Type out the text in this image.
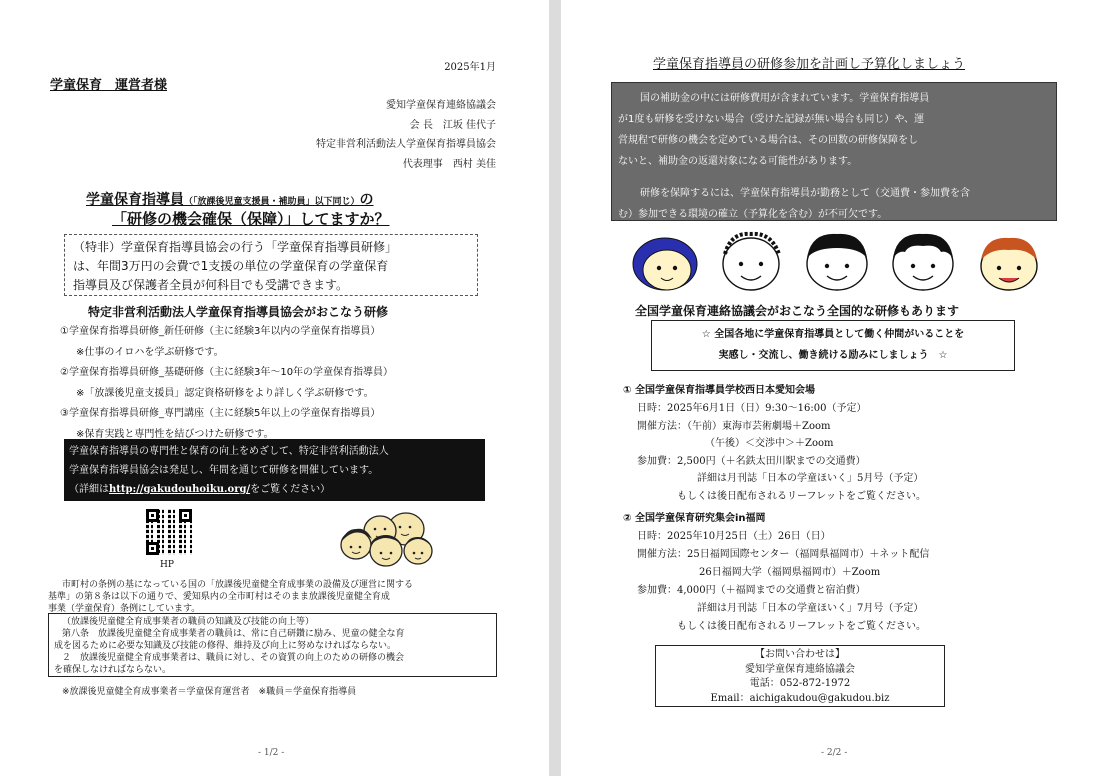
2025年1月
学童保育　運営者様
愛知学童保育連絡協議会
会 長　江坂 佳代子
特定非営利活動法人学童保育指導員協会
代表理事　西村 美佳
学童保育指導員（「放課後児童支援員・補助員」以下同じ）の
「研修の機会確保（保障）」してますか？
（特非）学童保育指導員協会の行う「学童保育指導員研修」
は、年間3万円の会費で1支援の単位の学童保育の学童保育
指導員及び保護者全員が何科目でも受講できます。
特定非営利活動法人学童保育指導員協会がおこなう研修
①学童保育指導員研修_新任研修（主に経験3年以内の学童保育指導員）
※仕事のイロハを学ぶ研修です。
②学童保育指導員研修_基礎研修（主に経験3年～10年の学童保育指導員）
※「放課後児童支援員」認定資格研修をより詳しく学ぶ研修です。
③学童保育指導員研修_専門講座（主に経験5年以上の学童保育指導員）
※保育実践と専門性を結びつけた研修です。
学童保育指導員の専門性と保育の向上をめざして、特定非営利活動法人
学童保育指導員協会は発足し、年間を通じて研修を開催しています。
（詳細はhttp://gakudouhoiku.org/をご覧ください）
HP
市町村の条例の基になっている国の「放課後児童健全育成事業の設備及び運営に関する
基準」の第８条は以下の通りで、愛知県内の全市町村はそのまま放課後児童健全育成
事業（学童保育）条例にしています。
（放課後児童健全育成事業者の職員の知識及び技能の向上等）
第八条　放課後児童健全育成事業者の職員は、常に自己研鑽に励み、児童の健全な育
成を図るために必要な知識及び技能の修得、維持及び向上に努めなければならない。
２　放課後児童健全育成事業者は、職員に対し、その資質の向上のための研修の機会
を確保しなければならない。
※放課後児童健全育成事業者＝学童保育運営者　※職員＝学童保育指導員
- 1/2 -
学童保育指導員の研修参加を計画し予算化しましょう
国の補助金の中には研修費用が含まれています。学童保育指導員
が1度も研修を受けない場合（受けた記録が無い場合も同じ）や、運
営規程で研修の機会を定めている場合は、その回数の研修保障をし
ないと、補助金の返還対象になる可能性があります。
研修を保障するには、学童保育指導員が勤務として（交通費・参加費を含
む）参加できる環境の確立（予算化を含む）が不可欠です。
全国学童保育連絡協議会がおこなう全国的な研修もあります
☆ 全国各地に学童保育指導員として働く仲間がいることを
実感し・交流し、働き続ける励みにしましょう　☆
① 全国学童保育指導員学校西日本愛知会場
日時：2025年6月1日（日）9:30～16:00（予定）
開催方法：（午前）東海市芸術劇場＋Zoom
（午後）＜交渉中＞＋Zoom
参加費：2,500円（＋名鉄太田川駅までの交通費）
詳細は月刊誌「日本の学童ほいく」5月号（予定）
もしくは後日配布されるリーフレットをご覧ください。
② 全国学童保育研究集会in福岡
日時：2025年10月25日（土）26日（日）
開催方法：25日福岡国際センター（福岡県福岡市）＋ネット配信
26日福岡大学（福岡県福岡市）＋Zoom
参加費：4,000円（＋福岡までの交通費と宿泊費）
詳細は月刊誌「日本の学童ほいく」7月号（予定）
もしくは後日配布されるリーフレットをご覧ください。
【お問い合わせは】
愛知学童保育連絡協議会
電話：052-872-1972
Email：aichigakudou@gakudou.biz
- 2/2 -
